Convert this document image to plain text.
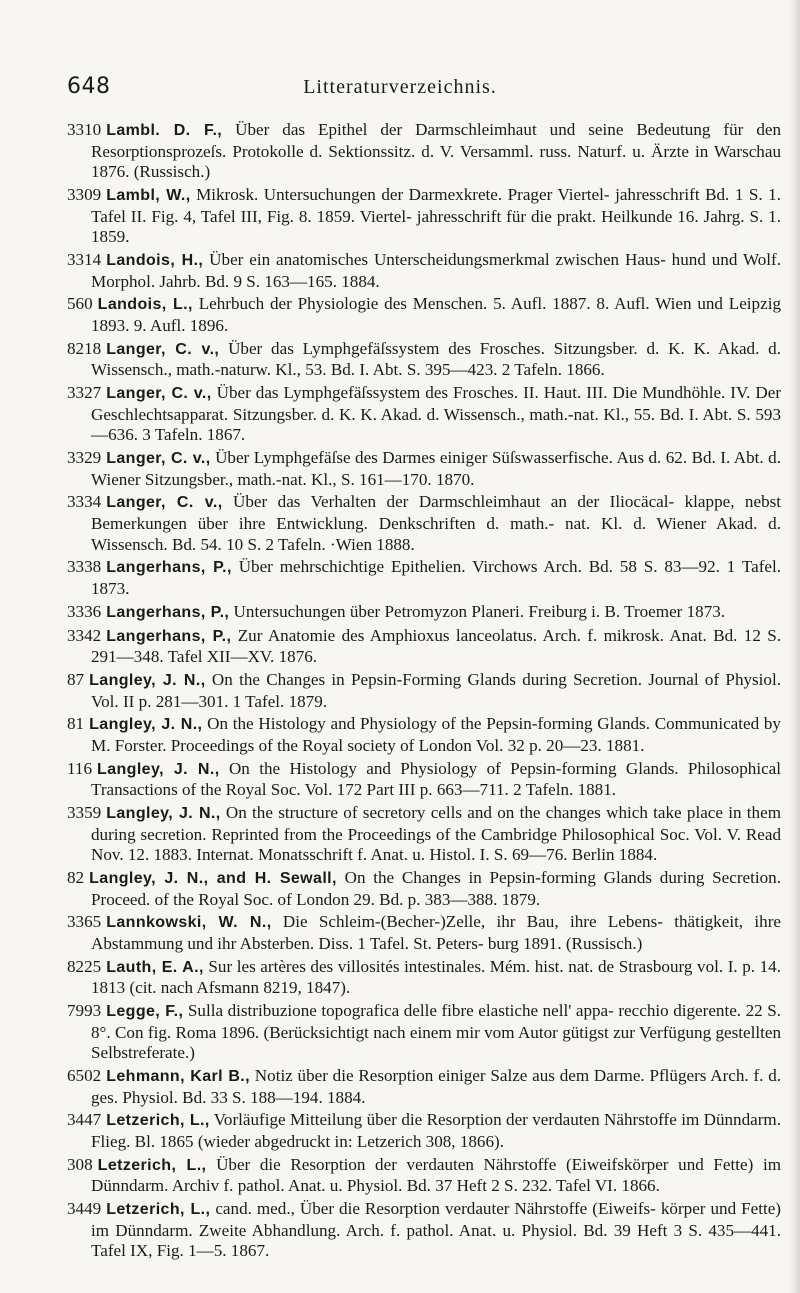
648	Litteraturverzeichnis.

3310 Lambl. D. F., Über das Epithel der Darmschleimhaut und seine Bedeutung für den Resorptionsprozeſs. Protokolle d. Sektionssitz. d. V. Versamml. russ. Naturf. u. Ärzte in Warschau 1876. (Russisch.)

3309 Lambl, W., Mikrosk. Untersuchungen der Darmexkrete. Prager Viertel- jahresschrift Bd. 1 S. 1. Tafel II. Fig. 4, Tafel III, Fig. 8. 1859. Viertel- jahresschrift für die prakt. Heilkunde 16. Jahrg. S. 1. 1859.

3314 Landois, H., Über ein anatomisches Unterscheidungsmerkmal zwischen Haus- hund und Wolf. Morphol. Jahrb. Bd. 9 S. 163—165. 1884.

560 Landois, L., Lehrbuch der Physiologie des Menschen. 5. Aufl. 1887. 8. Aufl. Wien und Leipzig 1893. 9. Aufl. 1896.

8218 Langer, C. v., Über das Lymphgefäſssystem des Frosches. Sitzungsber. d. K. K. Akad. d. Wissensch., math.-naturw. Kl., 53. Bd. I. Abt. S. 395—423. 2 Tafeln. 1866.

3327 Langer, C. v., Über das Lymphgefäſssystem des Frosches. II. Haut. III. Die Mundhöhle. IV. Der Geschlechtsapparat. Sitzungsber. d. K. K. Akad. d. Wissensch., math.-nat. Kl., 55. Bd. I. Abt. S. 593—636. 3 Tafeln. 1867.

3329 Langer, C. v., Über Lymphgefäſse des Darmes einiger Süſswasserfische. Aus d. 62. Bd. I. Abt. d. Wiener Sitzungsber., math.-nat. Kl., S. 161—170. 1870.

3334 Langer, C. v., Über das Verhalten der Darmschleimhaut an der Iliocäcal- klappe, nebst Bemerkungen über ihre Entwicklung. Denkschriften d. math.- nat. Kl. d. Wiener Akad. d. Wissensch. Bd. 54. 10 S. 2 Tafeln. ·Wien 1888.

3338 Langerhans, P., Über mehrschichtige Epithelien. Virchows Arch. Bd. 58 S. 83—92. 1 Tafel. 1873.

3336 Langerhans, P., Untersuchungen über Petromyzon Planeri. Freiburg i. B. Troemer 1873.

3342 Langerhans, P., Zur Anatomie des Amphioxus lanceolatus. Arch. f. mikrosk. Anat. Bd. 12 S. 291—348. Tafel XII—XV. 1876.

87 Langley, J. N., On the Changes in Pepsin-Forming Glands during Secretion. Journal of Physiol. Vol. II p. 281—301. 1 Tafel. 1879.

81 Langley, J. N., On the Histology and Physiology of the Pepsin-forming Glands. Communicated by M. Forster. Proceedings of the Royal society of London Vol. 32 p. 20—23. 1881.

116 Langley, J. N., On the Histology and Physiology of Pepsin-forming Glands. Philosophical Transactions of the Royal Soc. Vol. 172 Part III p. 663—711. 2 Tafeln. 1881.

3359 Langley, J. N., On the structure of secretory cells and on the changes which take place in them during secretion. Reprinted from the Proceedings of the Cambridge Philosophical Soc. Vol. V. Read Nov. 12. 1883. Internat. Monatsschrift f. Anat. u. Histol. I. S. 69—76. Berlin 1884.

82 Langley, J. N., and H. Sewall, On the Changes in Pepsin-forming Glands during Secretion. Proceed. of the Royal Soc. of London 29. Bd. p. 383—388. 1879.

3365 Lannkowski, W. N., Die Schleim-(Becher-)Zelle, ihr Bau, ihre Lebens- thätigkeit, ihre Abstammung und ihr Absterben. Diss. 1 Tafel. St. Peters- burg 1891. (Russisch.)

8225 Lauth, E. A., Sur les artères des villosités intestinales. Mém. hist. nat. de Strasbourg vol. I. p. 14. 1813 (cit. nach Afsmann 8219, 1847).

7993 Legge, F., Sulla distribuzione topografica delle fibre elastiche nell' appa- recchio digerente. 22 S. 8°. Con fig. Roma 1896. (Berücksichtigt nach einem mir vom Autor gütigst zur Verfügung gestellten Selbstreferate.)

6502 Lehmann, Karl B., Notiz über die Resorption einiger Salze aus dem Darme. Pflügers Arch. f. d. ges. Physiol. Bd. 33 S. 188—194. 1884.

3447 Letzerich, L., Vorläufige Mitteilung über die Resorption der verdauten Nährstoffe im Dünndarm. Flieg. Bl. 1865 (wieder abgedruckt in: Letzerich 308, 1866).

308 Letzerich, L., Über die Resorption der verdauten Nährstoffe (Eiweifskörper und Fette) im Dünndarm. Archiv f. pathol. Anat. u. Physiol. Bd. 37 Heft 2 S. 232. Tafel VI. 1866.

3449 Letzerich, L., cand. med., Über die Resorption verdauter Nährstoffe (Eiweifs- körper und Fette) im Dünndarm. Zweite Abhandlung. Arch. f. pathol. Anat. u. Physiol. Bd. 39 Heft 3 S. 435—441. Tafel IX, Fig. 1—5. 1867.
